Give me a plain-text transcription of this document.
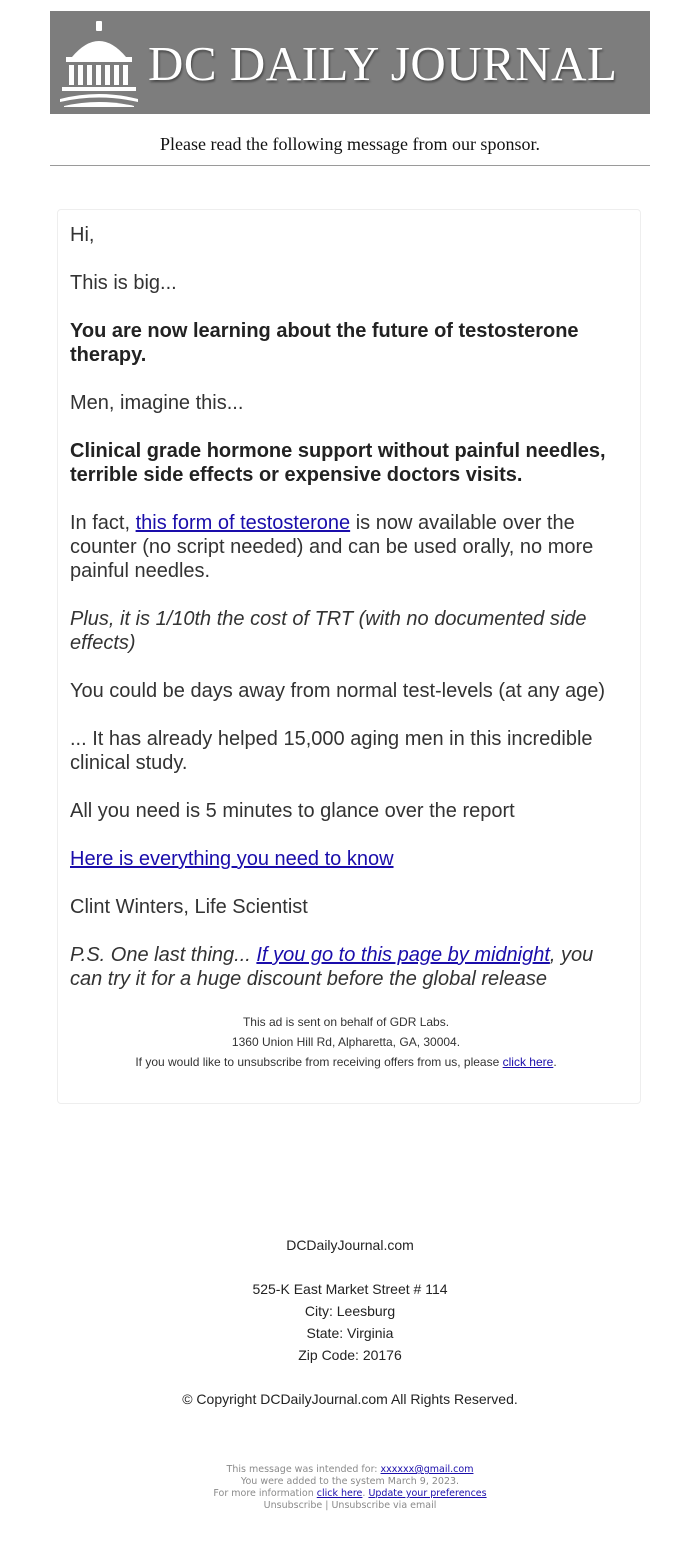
DC DAILY JOURNAL
Please read the following message from our sponsor.

Hi,

This is big...

You are now learning about the future of testosterone therapy.

Men, imagine this...

Clinical grade hormone support without painful needles, terrible side effects or expensive doctors visits.

In fact, this form of testosterone is now available over the counter (no script needed) and can be used orally, no more painful needles.

Plus, it is 1/10th the cost of TRT (with no documented side effects)

You could be days away from normal test-levels (at any age)

... It has already helped 15,000 aging men in this incredible clinical study.

All you need is 5 minutes to glance over the report

Here is everything you need to know

Clint Winters, Life Scientist

P.S. One last thing... If you go to this page by midnight, you can try it for a huge discount before the global release

This ad is sent on behalf of GDR Labs.
1360 Union Hill Rd, Alpharetta, GA, 30004.
If you would like to unsubscribe from receiving offers from us, please click here.
DCDailyJournal.com
525-K East Market Street # 114
City: Leesburg
State: Virginia
Zip Code: 20176
© Copyright DCDailyJournal.com All Rights Reserved.
This message was intended for: xxxxxx@gmail.com
You were added to the system March 9, 2023.
For more information click here. Update your preferences
Unsubscribe | Unsubscribe via email
